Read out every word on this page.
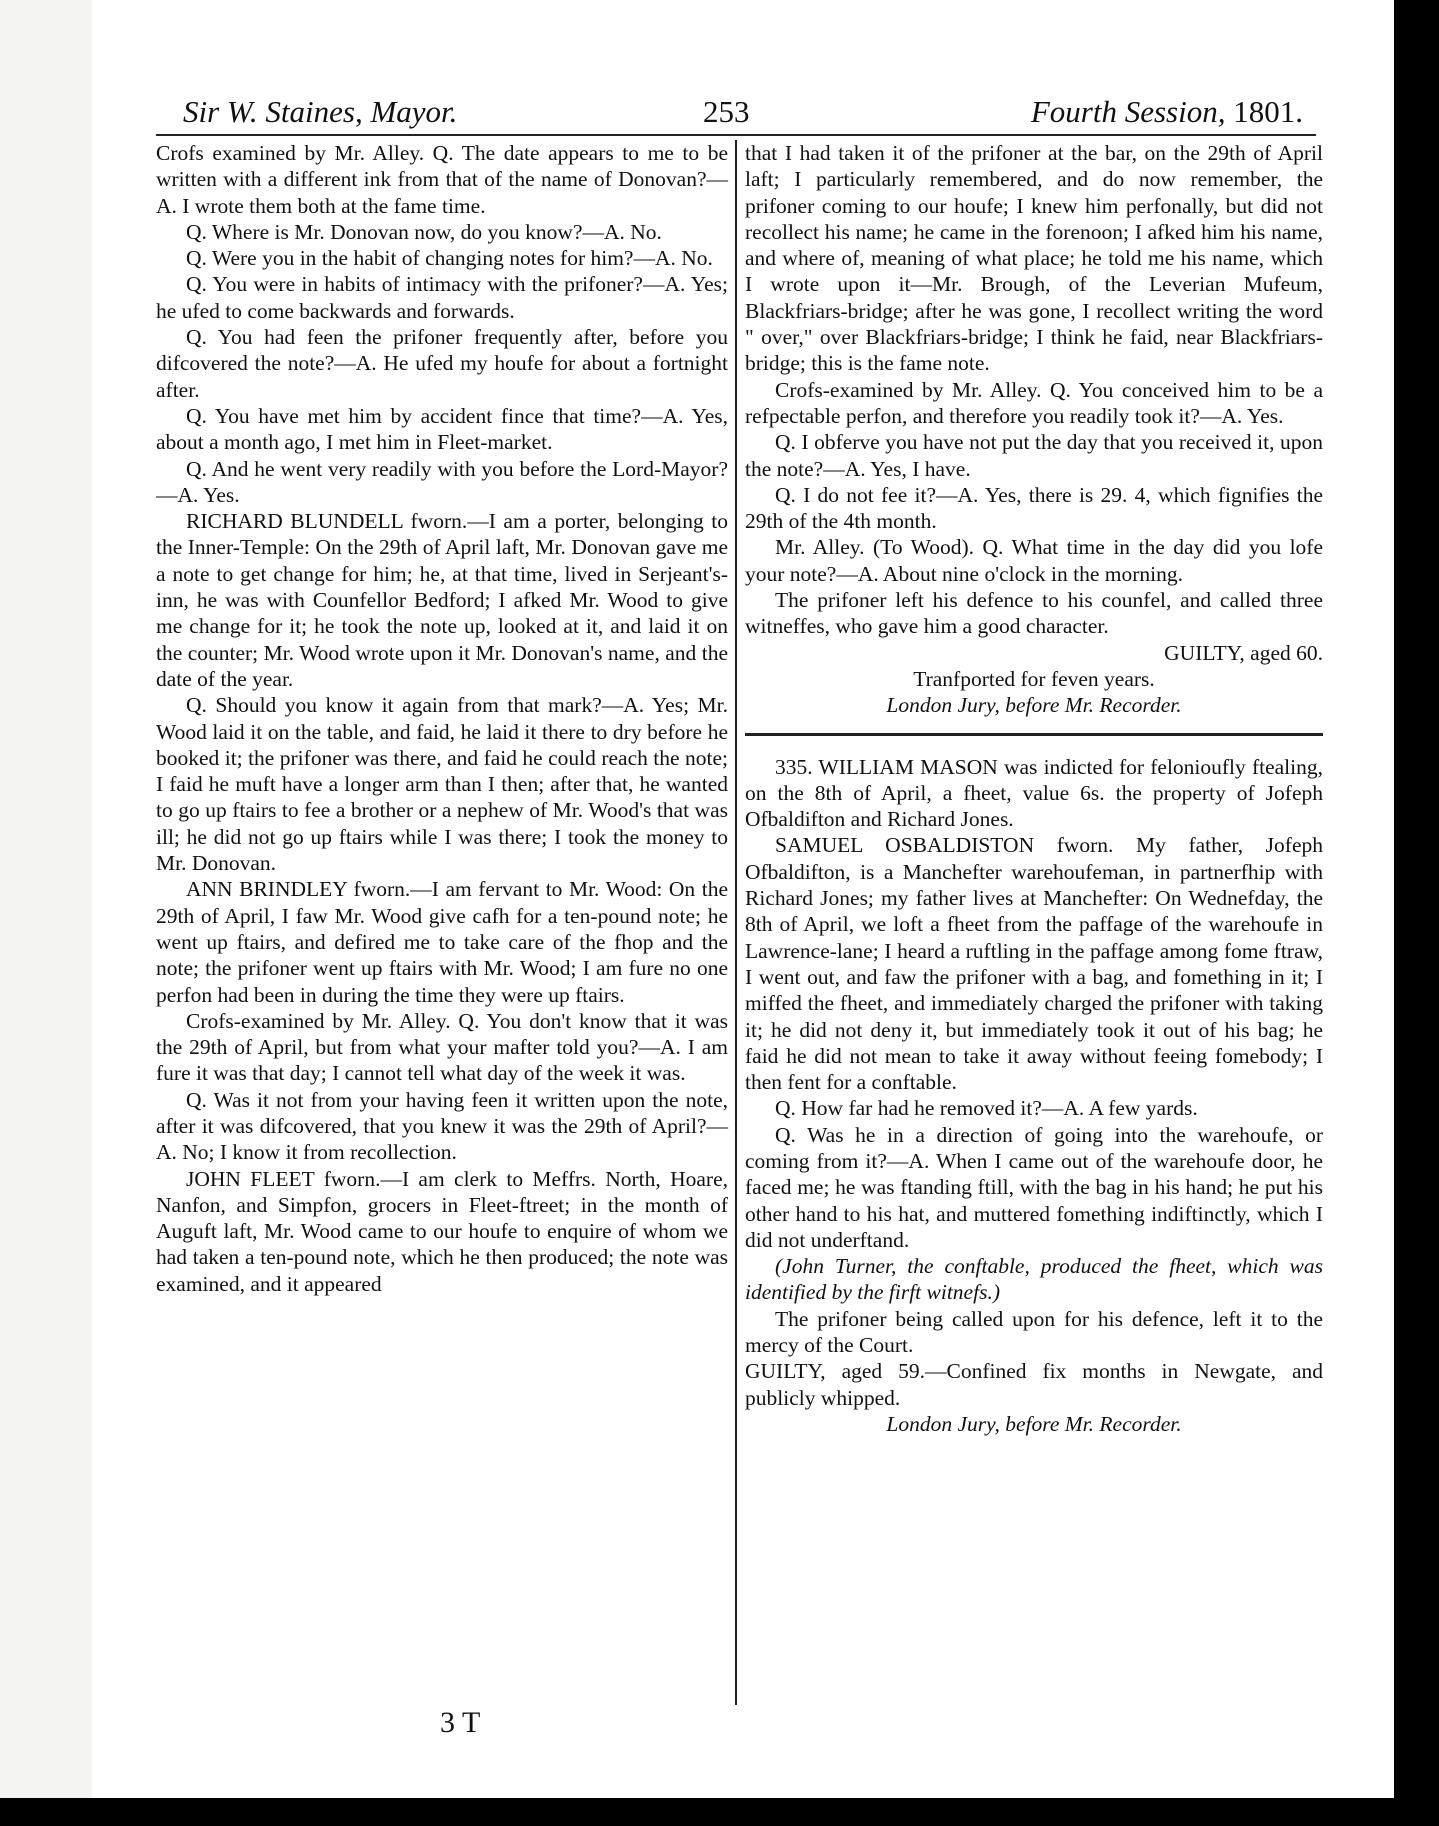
Sir W. Staines, Mayor.	253	Fourth Session, 1801.

Crofs examined by Mr. Alley. Q. The date appears to me to be written with a different ink from that of the name of Donovan?—A. I wrote them both at the fame time.

Q. Where is Mr. Donovan now, do you know?—A. No.

Q. Were you in the habit of changing notes for him?—A. No.

Q. You were in habits of intimacy with the prifoner?—A. Yes; he ufed to come backwards and forwards.

Q. You had feen the prifoner frequently after, before you difcovered the note?—A. He ufed my houfe for about a fortnight after.

Q. You have met him by accident fince that time?—A. Yes, about a month ago, I met him in Fleet-market.

Q. And he went very readily with you before the Lord-Mayor?—A. Yes.

RICHARD BLUNDELL fworn.—I am a porter, belonging to the Inner-Temple: On the 29th of April laft, Mr. Donovan gave me a note to get change for him; he, at that time, lived in Serjeant's-inn, he was with Counfellor Bedford; I afked Mr. Wood to give me change for it; he took the note up, looked at it, and laid it on the counter; Mr. Wood wrote upon it Mr. Donovan's name, and the date of the year.

Q. Should you know it again from that mark?—A. Yes; Mr. Wood laid it on the table, and faid, he laid it there to dry before he booked it; the prifoner was there, and faid he could reach the note; I faid he muft have a longer arm than I then; after that, he wanted to go up ftairs to fee a brother or a nephew of Mr. Wood's that was ill; he did not go up ftairs while I was there; I took the money to Mr. Donovan.

ANN BRINDLEY fworn.—I am fervant to Mr. Wood: On the 29th of April, I faw Mr. Wood give cafh for a ten-pound note; he went up ftairs, and defired me to take care of the fhop and the note; the prifoner went up ftairs with Mr. Wood; I am fure no one perfon had been in during the time they were up ftairs.

Crofs-examined by Mr. Alley. Q. You don't know that it was the 29th of April, but from what your mafter told you?—A. I am fure it was that day; I cannot tell what day of the week it was.

Q. Was it not from your having feen it written upon the note, after it was difcovered, that you knew it was the 29th of April?—A. No; I know it from recollection.

JOHN FLEET fworn.—I am clerk to Meffrs. North, Hoare, Nanfon, and Simpfon, grocers in Fleet-ftreet; in the month of Auguft laft, Mr. Wood came to our houfe to enquire of whom we had taken a ten-pound note, which he then produced; the note was examined, and it appeared

that I had taken it of the prifoner at the bar, on the 29th of April laft; I particularly remembered, and do now remember, the prifoner coming to our houfe; I knew him perfonally, but did not recollect his name; he came in the forenoon; I afked him his name, and where of, meaning of what place; he told me his name, which I wrote upon it—Mr. Brough, of the Leverian Mufeum, Blackfriars-bridge; after he was gone, I recollect writing the word " over," over Blackfriars-bridge; I think he faid, near Blackfriars-bridge; this is the fame note.

Crofs-examined by Mr. Alley. Q. You conceived him to be a refpectable perfon, and therefore you readily took it?—A. Yes.

Q. I obferve you have not put the day that you received it, upon the note?—A. Yes, I have.

Q. I do not fee it?—A. Yes, there is 29. 4, which fignifies the 29th of the 4th month.

Mr. Alley. (To Wood). Q. What time in the day did you lofe your note?—A. About nine o'clock in the morning.

The prifoner left his defence to his counfel, and called three witneffes, who gave him a good character.

GUILTY, aged 60.

Tranfported for feven years.

London Jury, before Mr. Recorder.

335. WILLIAM MASON was indicted for felonioufly ftealing, on the 8th of April, a fheet, value 6s. the property of Jofeph Ofbaldifton and Richard Jones.

SAMUEL OSBALDISTON fworn. My father, Jofeph Ofbaldifton, is a Manchefter warehoufeman, in partnerfhip with Richard Jones; my father lives at Manchefter: On Wednefday, the 8th of April, we loft a fheet from the paffage of the warehoufe in Lawrence-lane; I heard a ruftling in the paffage among fome ftraw, I went out, and faw the prifoner with a bag, and fomething in it; I miffed the fheet, and immediately charged the prifoner with taking it; he did not deny it, but immediately took it out of his bag; he faid he did not mean to take it away without feeing fomebody; I then fent for a conftable.

Q. How far had he removed it?—A. A few yards.

Q. Was he in a direction of going into the warehoufe, or coming from it?—A. When I came out of the warehoufe door, he faced me; he was ftanding ftill, with the bag in his hand; he put his other hand to his hat, and muttered fomething indiftinctly, which I did not underftand.

(John Turner, the conftable, produced the fheet, which was identified by the firft witnefs.)

The prifoner being called upon for his defence, left it to the mercy of the Court.

GUILTY, aged 59.—Confined fix months in Newgate, and publicly whipped.

London Jury, before Mr. Recorder.

3 T
